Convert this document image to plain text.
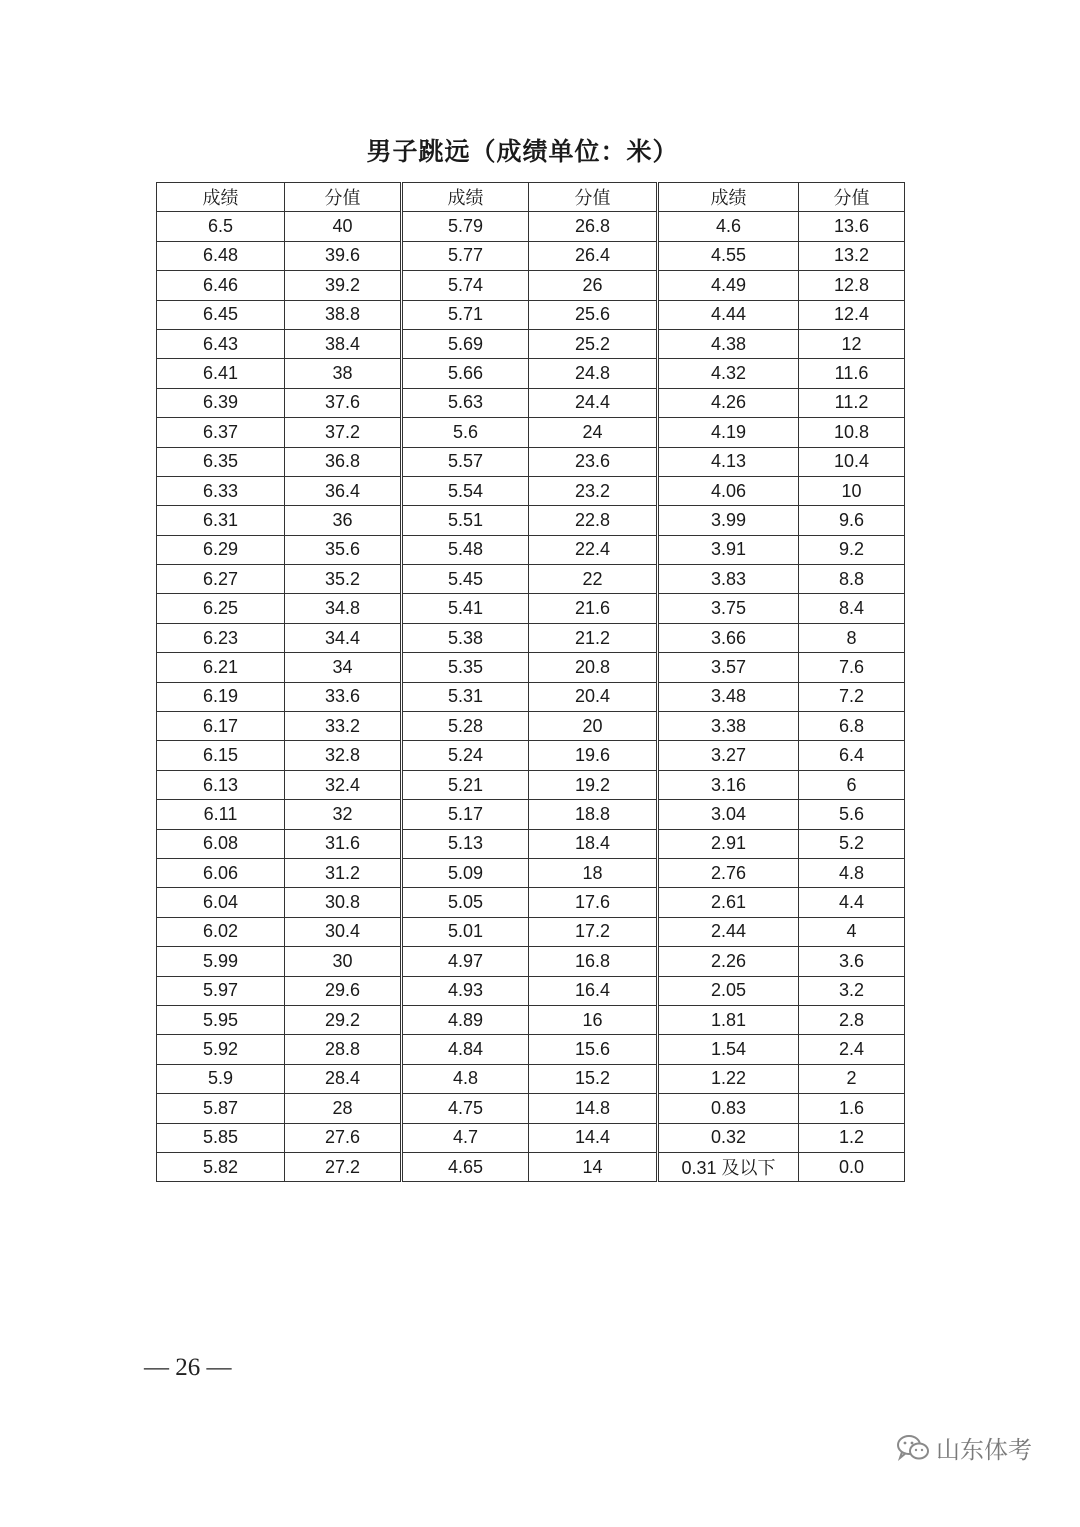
男子跳远（成绩单位：米）
成绩	分值	成绩	分值	成绩	分值
6.5	40	5.79	26.8	4.6	13.6
6.48	39.6	5.77	26.4	4.55	13.2
6.46	39.2	5.74	26	4.49	12.8
6.45	38.8	5.71	25.6	4.44	12.4
6.43	38.4	5.69	25.2	4.38	12
6.41	38	5.66	24.8	4.32	11.6
6.39	37.6	5.63	24.4	4.26	11.2
6.37	37.2	5.6	24	4.19	10.8
6.35	36.8	5.57	23.6	4.13	10.4
6.33	36.4	5.54	23.2	4.06	10
6.31	36	5.51	22.8	3.99	9.6
6.29	35.6	5.48	22.4	3.91	9.2
6.27	35.2	5.45	22	3.83	8.8
6.25	34.8	5.41	21.6	3.75	8.4
6.23	34.4	5.38	21.2	3.66	8
6.21	34	5.35	20.8	3.57	7.6
6.19	33.6	5.31	20.4	3.48	7.2
6.17	33.2	5.28	20	3.38	6.8
6.15	32.8	5.24	19.6	3.27	6.4
6.13	32.4	5.21	19.2	3.16	6
6.11	32	5.17	18.8	3.04	5.6
6.08	31.6	5.13	18.4	2.91	5.2
6.06	31.2	5.09	18	2.76	4.8
6.04	30.8	5.05	17.6	2.61	4.4
6.02	30.4	5.01	17.2	2.44	4
5.99	30	4.97	16.8	2.26	3.6
5.97	29.6	4.93	16.4	2.05	3.2
5.95	29.2	4.89	16	1.81	2.8
5.92	28.8	4.84	15.6	1.54	2.4
5.9	28.4	4.8	15.2	1.22	2
5.87	28	4.75	14.8	0.83	1.6
5.85	27.6	4.7	14.4	0.32	1.2
5.82	27.2	4.65	14	0.31 及以下	0.0
— 26 —
山东体考
